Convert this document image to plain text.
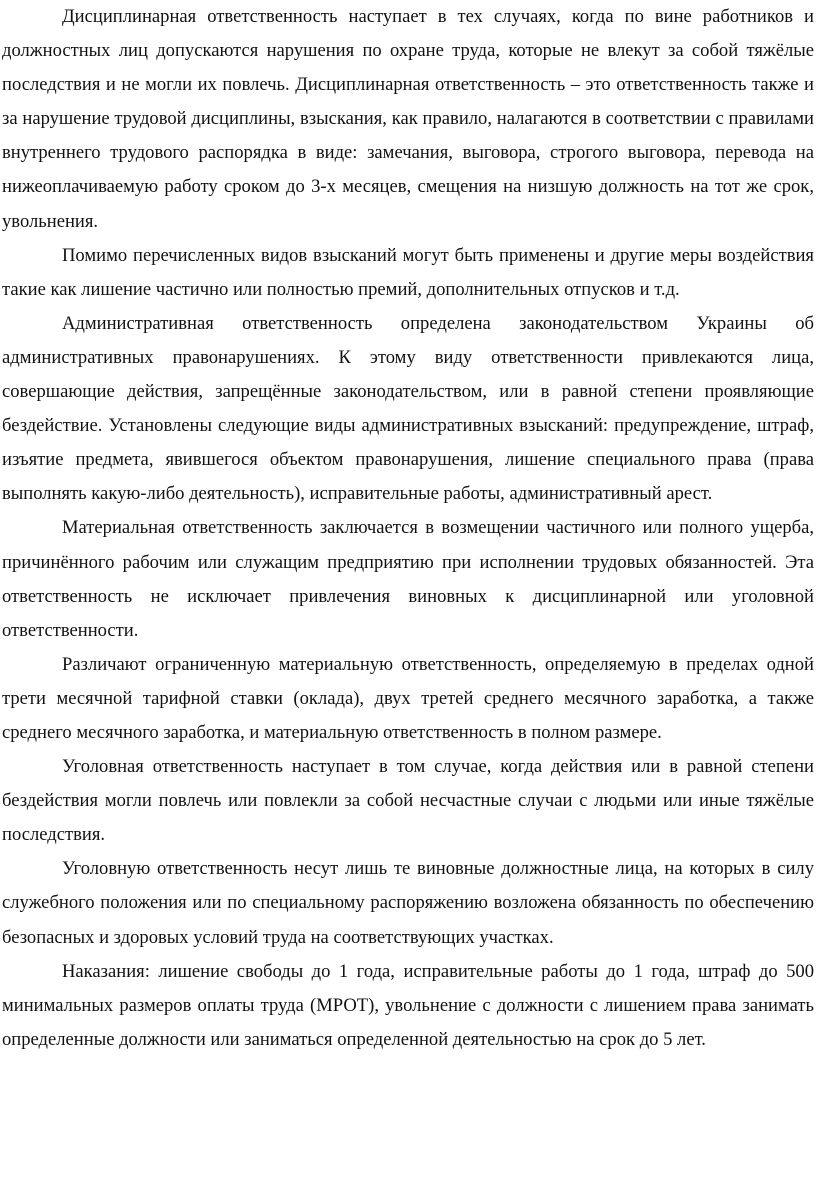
Дисциплинарная ответственность наступает в тех случаях, когда по вине работников и должностных лиц допускаются нарушения по охране труда, которые не влекут за собой тяжёлые последствия и не могли их повлечь. Дисциплинарная ответственность – это ответственность также и за нарушение трудовой дисциплины, взыскания, как правило, налагаются в соответствии с правилами внутреннего трудового распорядка в виде: замечания, выговора, строгого выговора, перевода на нижеоплачиваемую работу сроком до 3-х месяцев, смещения на низшую должность на тот же срок, увольнения.

Помимо перечисленных видов взысканий могут быть применены и другие меры воздействия такие как лишение частично или полностью премий, дополнительных отпусков и т.д.

Административная ответственность определена законодательством Украины об административных правонарушениях. К этому виду ответственности привлекаются лица, совершающие действия, запрещённые законодательством, или в равной степени проявляющие бездействие. Установлены следующие виды административных взысканий: предупреждение, штраф, изъятие предмета, явившегося объектом правонарушения, лишение специального права (права выполнять какую-либо деятельность), исправительные работы, административный арест.

Материальная ответственность заключается в возмещении частичного или полного ущерба, причинённого рабочим или служащим предприятию при исполнении трудовых обязанностей. Эта ответственность не исключает привлечения виновных к дисциплинарной или уголовной ответственности.

Различают ограниченную материальную ответственность, определяемую в пределах одной трети месячной тарифной ставки (оклада), двух третей среднего месячного заработка, а также среднего месячного заработка, и материальную ответственность в полном размере.

Уголовная ответственность наступает в том случае, когда действия или в равной степени бездействия могли повлечь или повлекли за собой несчастные случаи с людьми или иные тяжёлые последствия.

Уголовную ответственность несут лишь те виновные должностные лица, на которых в силу служебного положения или по специальному распоряжению возложена обязанность по обеспечению безопасных и здоровых условий труда на соответствующих участках.

Наказания: лишение свободы до 1 года, исправительные работы до 1 года, штраф до 500 минимальных размеров оплаты труда (МРОТ), увольнение с должности с лишением права занимать определенные должности или заниматься определенной деятельностью на срок до 5 лет.
